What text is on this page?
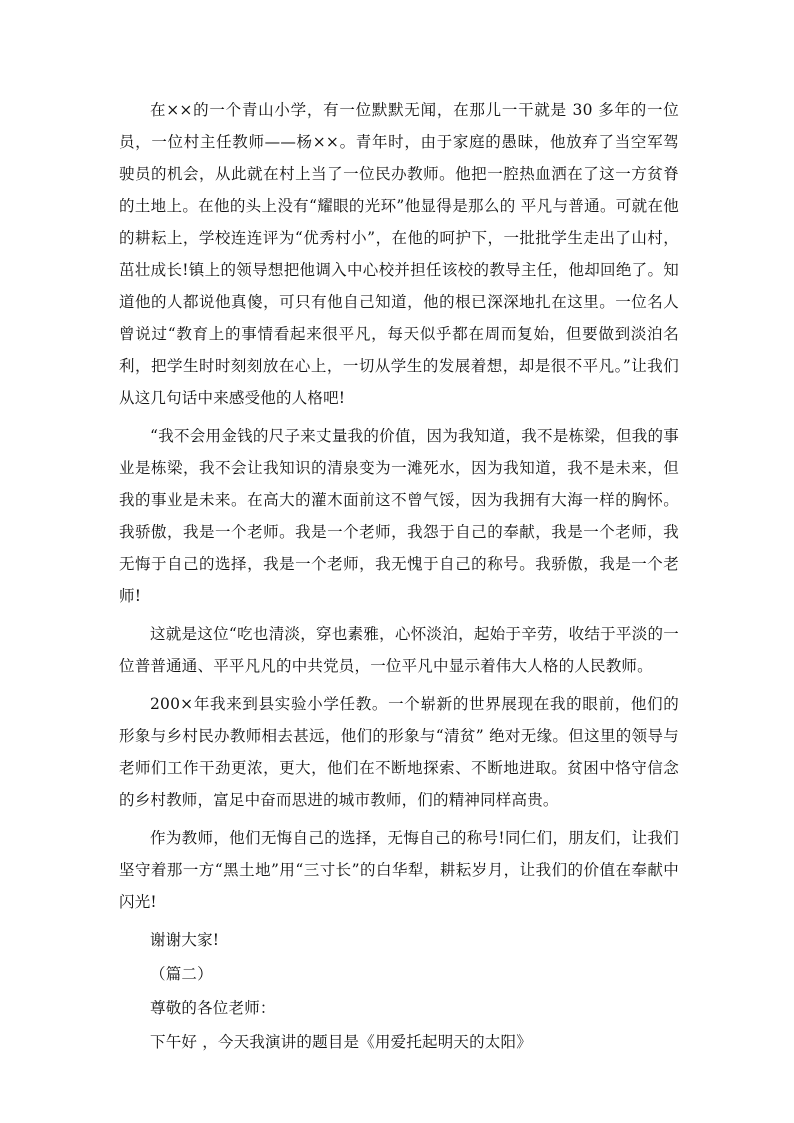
在××的一个青山小学，有一位默默无闻，在那儿一干就是 30 多年的一位员，一位村主任教师——杨××。青年时，由于家庭的愚昧，他放弃了当空军驾驶员的机会，从此就在村上当了一位民办教师。他把一腔热血洒在了这一方贫脊的土地上。在他的头上没有“耀眼的光环”他显得是那么的 平凡与普通。可就在他的耕耘上，学校连连评为“优秀村小”，在他的呵护下，一批批学生走出了山村，茁壮成长!镇上的领导想把他调入中心校并担任该校的教导主任，他却回绝了。知道他的人都说他真傻，可只有他自己知道，他的根已深深地扎在这里。一位名人曾说过“教育上的事情看起来很平凡，每天似乎都在周而复始，但要做到淡泊名利，把学生时时刻刻放在心上，一切从学生的发展着想，却是很不平凡。”让我们从这几句话中来感受他的人格吧!

“我不会用金钱的尺子来丈量我的价值，因为我知道，我不是栋梁，但我的事业是栋梁，我不会让我知识的清泉变为一滩死水，因为我知道，我不是未来，但我的事业是未来。在高大的灌木面前这不曾气馁，因为我拥有大海一样的胸怀。我骄傲，我是一个老师。我是一个老师，我怨于自己的奉献，我是一个老师，我无悔于自己的选择，我是一个老师，我无愧于自己的称号。我骄傲，我是一个老师!

这就是这位“吃也清淡，穿也素雅，心怀淡泊，起始于辛劳，收结于平淡的一位普普通通、平平凡凡的中共党员，一位平凡中显示着伟大人格的人民教师。

200×年我来到县实验小学任教。一个崭新的世界展现在我的眼前，他们的形象与乡村民办教师相去甚远，他们的形象与“清贫” 绝对无缘。但这里的领导与老师们工作干劲更浓，更大，他们在不断地探索、不断地进取。贫困中恪守信念的乡村教师，富足中奋而思进的城市教师，们的精神同样高贵。

作为教师，他们无悔自己的选择，无悔自己的称号!同仁们，朋友们，让我们坚守着那一方“黑土地”用“三寸长”的白华犁，耕耘岁月，让我们的价值在奉献中闪光!

谢谢大家!

（篇二）

尊敬的各位老师：

下午好 ，今天我演讲的题目是《用爱托起明天的太阳》
